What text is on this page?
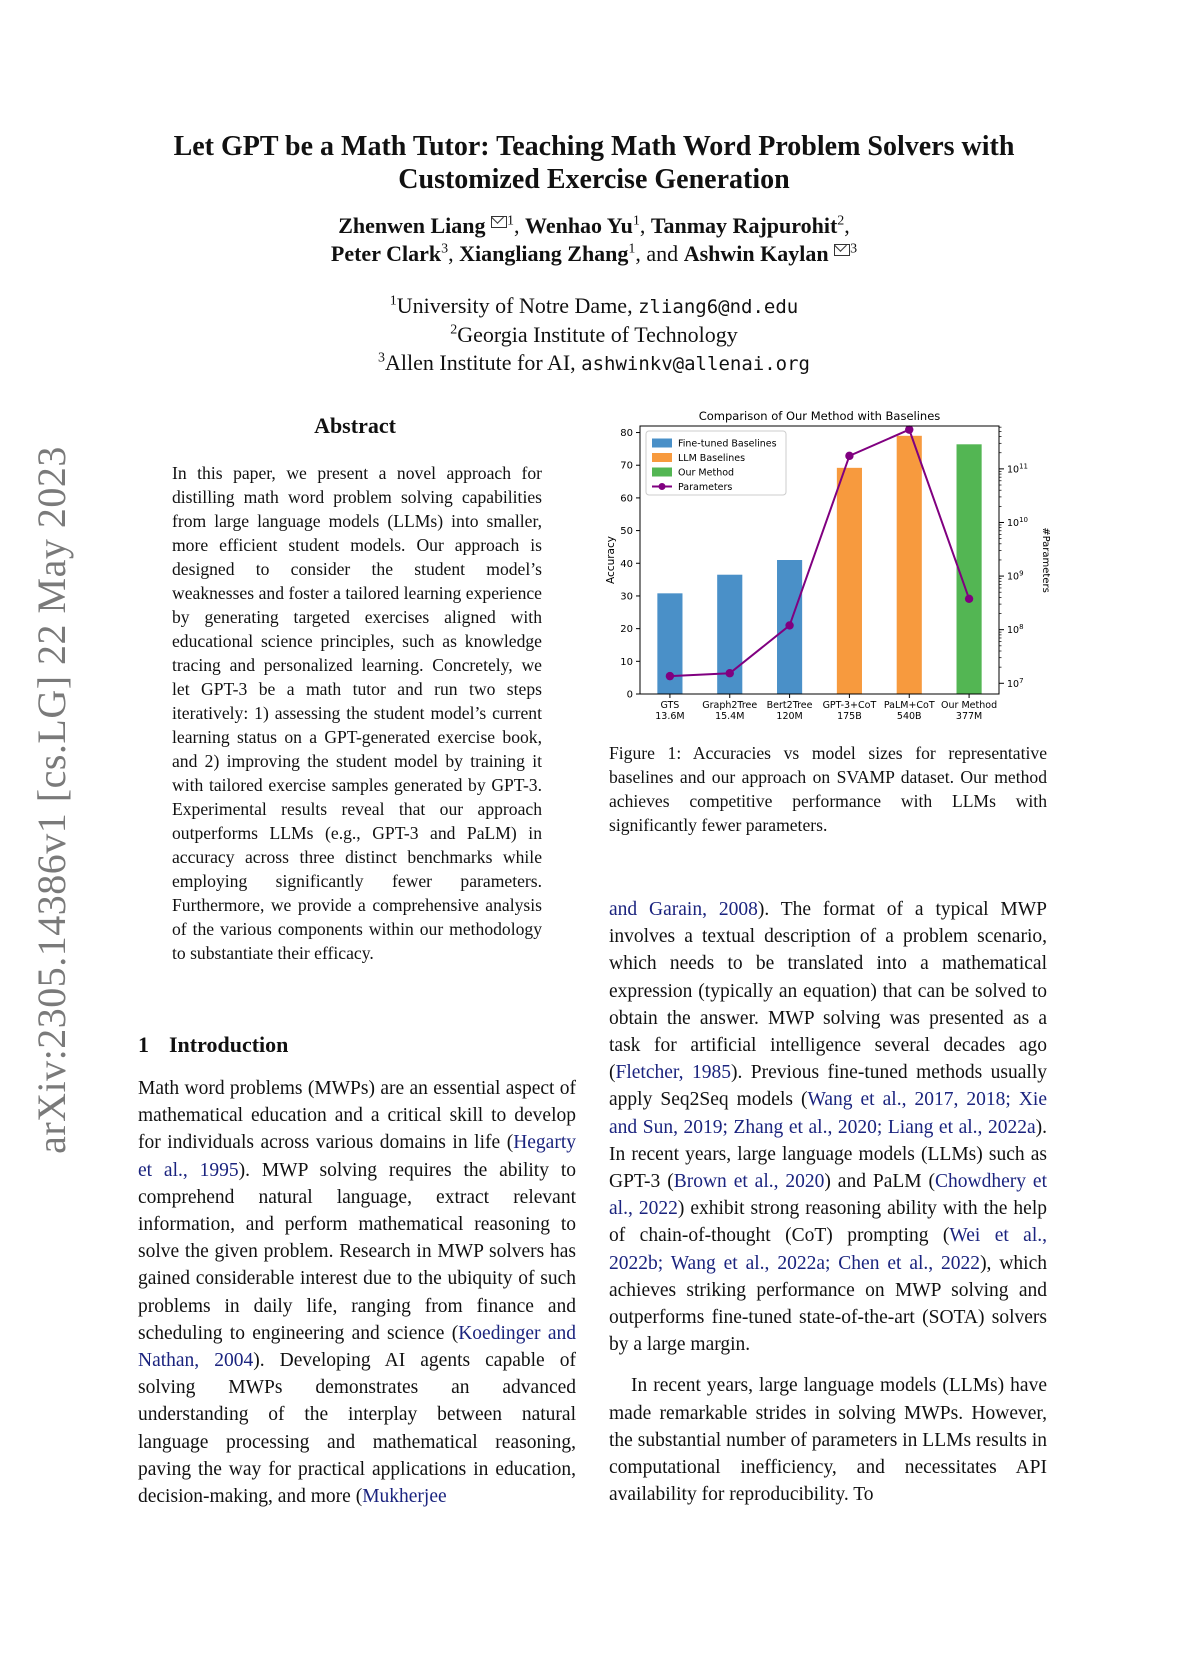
arXiv:2305.14386v1 [cs.LG] 22 May 2023
Let GPT be a Math Tutor: Teaching Math Word Problem Solvers with
Customized Exercise Generation
Zhenwen Liang $^1$, Wenhao Yu$^1$, Tanmay Rajpurohit$^2$,
Peter Clark$^3$, Xiangliang Zhang$^1$, and Ashwin Kaylan $^3$
$^1$University of Notre Dame, zliang6@nd.edu
$^2$Georgia Institute of Technology
$^3$Allen Institute for AI, ashwinkv@allenai.org
Abstract
In this paper, we present a novel approach for distilling math word problem solving capabilities from large language models (LLMs) into smaller, more efficient student models. Our approach is designed to consider the student model’s weaknesses and foster a tailored learning experience by generating targeted exercises aligned with educational science principles, such as knowledge tracing and personalized learning. Concretely, we let GPT-3 be a math tutor and run two steps iteratively: 1) assessing the student model’s current learning status on a GPT-generated exercise book, and 2) improving the student model by training it with tailored exercise samples generated by GPT-3. Experimental results reveal that our approach outperforms LLMs (e.g., GPT-3 and PaLM) in accuracy across three distinct benchmarks while employing significantly fewer parameters. Furthermore, we provide a comprehensive analysis of the various components within our methodology to substantiate their efficacy.
1 Introduction
Math word problems (MWPs) are an essential aspect of mathematical education and a critical skill to develop for individuals across various domains in life (Hegarty et al., 1995). MWP solving requires the ability to comprehend natural language, extract relevant information, and perform mathematical reasoning to solve the given problem. Research in MWP solvers has gained considerable interest due to the ubiquity of such problems in daily life, ranging from finance and scheduling to engineering and science (Koedinger and Nathan, 2004). Developing AI agents capable of solving MWPs demonstrates an advanced understanding of the interplay between natural language processing and mathematical reasoning, paving the way for practical applications in education, decision-making, and more (Mukherjee
Comparison of Our Method with Baselines
0
10
20
30
40
50
60
70
80
Accuracy
$10^7$
$10^8$
$10^9$
$10^{10}$
$10^{11}$
#Parameters
GTS
13.6M
Graph2Tree
15.4M
Bert2Tree
120M
GPT-3+CoT
175B
PaLM+CoT
540B
Our Method
377M
Fine-tuned Baselines
LLM Baselines
Our Method
Parameters
Figure 1: Accuracies vs model sizes for representative baselines and our approach on SVAMP dataset. Our method achieves competitive performance with LLMs with significantly fewer parameters.

and Garain, 2008). The format of a typical MWP involves a textual description of a problem scenario, which needs to be translated into a mathematical expression (typically an equation) that can be solved to obtain the answer. MWP solving was presented as a task for artificial intelligence several decades ago (Fletcher, 1985). Previous fine-tuned methods usually apply Seq2Seq models (Wang et al., 2017, 2018; Xie and Sun, 2019; Zhang et al., 2020; Liang et al., 2022a). In recent years, large language models (LLMs) such as GPT-3 (Brown et al., 2020) and PaLM (Chowdhery et al., 2022) exhibit strong reasoning ability with the help of chain-of-thought (CoT) prompting (Wei et al., 2022b; Wang et al., 2022a; Chen et al., 2022), which achieves striking performance on MWP solving and outperforms fine-tuned state-of-the-art (SOTA) solvers by a large margin.

In recent years, large language models (LLMs) have made remarkable strides in solving MWPs. However, the substantial number of parameters in LLMs results in computational inefficiency, and necessitates API availability for reproducibility. To
